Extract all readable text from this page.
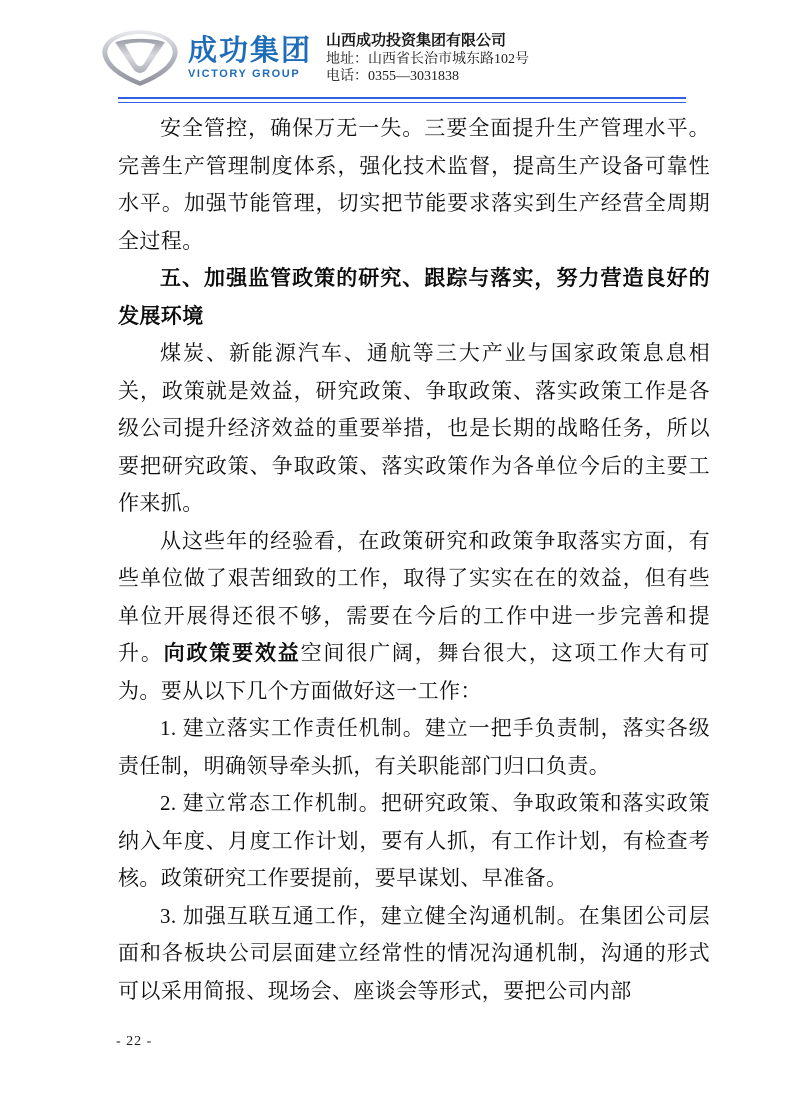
成功集团
VICTORY GROUP
山西成功投资集团有限公司
地址：山西省长治市城东路102号
电话：0355—3031838

安全管控，确保万无一失。三要全面提升生产管理水平。完善生产管理制度体系，强化技术监督，提高生产设备可靠性水平。加强节能管理，切实把节能要求落实到生产经营全周期全过程。

五、加强监管政策的研究、跟踪与落实，努力营造良好的发展环境

煤炭、新能源汽车、通航等三大产业与国家政策息息相关，政策就是效益，研究政策、争取政策、落实政策工作是各级公司提升经济效益的重要举措，也是长期的战略任务，所以要把研究政策、争取政策、落实政策作为各单位今后的主要工作来抓。

从这些年的经验看，在政策研究和政策争取落实方面，有些单位做了艰苦细致的工作，取得了实实在在的效益，但有些单位开展得还很不够，需要在今后的工作中进一步完善和提升。向政策要效益空间很广阔，舞台很大，这项工作大有可为。要从以下几个方面做好这一工作：

1. 建立落实工作责任机制。建立一把手负责制，落实各级责任制，明确领导牵头抓，有关职能部门归口负责。

2. 建立常态工作机制。把研究政策、争取政策和落实政策纳入年度、月度工作计划，要有人抓，有工作计划，有检查考核。政策研究工作要提前，要早谋划、早准备。

3. 加强互联互通工作，建立健全沟通机制。在集团公司层面和各板块公司层面建立经常性的情况沟通机制，沟通的形式可以采用简报、现场会、座谈会等形式，要把公司内部

- 22 -
